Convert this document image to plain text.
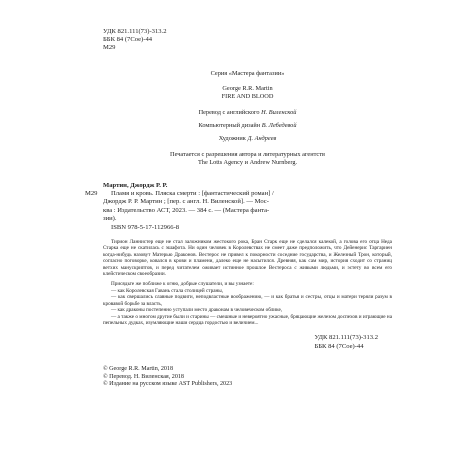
УДК 821.111(73)-313.2
ББК 84 (7Сое)-44
М29
Серия «Мастера фантазии»
George R.R. Martin
FIRE AND BLOOD
Перевод с английского Н. Виленской
Компьютерный дизайн В. Лебедевой
Художник Д. Андреев
Печатается с разрешения автора и литературных агентств
The Lotts Agency и Andrew Nurnberg.
М29

Мартин, Джордж Р. Р.

Пламя и кровь. Пляска смерти : [фантастический роман] /

Джордж Р. Р. Мартин ; [пер. с англ. Н. Виленской]. — Мос-

ква : Издательство АСТ, 2023. — 384 с. — (Мастера фанта-

зии).

ISBN 978-5-17-112966-8

Тирион Ланнистер еще не стал заложником жестокого рока, Бран Старк еще не сделался калекой, а голова его отца Неда Старка еще не скатилась с эшафота. Ни один человек в Королевствах не смеет даже предположить, что Дейенерис Таргариен когда-нибудь назовут Матерью Драконов. Вестерос не привел к покорности соседние государства, и Железный Трон, который, согласно поговорке, ковался в крови и пламени, далеко еще не насытился. Древняя, как сам мир, история сходит со страниц ветхих манускриптов, и перед читателем оживает истинное прошлое Вестероса с живыми людьми, и эстету во всем его клейстическом своеобразии.

Присядьте же поближе к огню, добрые слушатели, и вы узнаете:

— как Королевская Гавань стала столицей страны,

— как свершались славные подвиги, неподвластные воображению, — и как братья и сестры, отцы и матери теряли разум в кровавой борьбе за власть,

— как драконы постепенно уступали место драконам в человеческом облике,

— а также о многом другие были и старины — смешные и невероятно ужасные, бряцающие железом доспехов и играющие на пепельных дудках, изумляющие наши сердца гордостью и величием...

УДК 821.111(73)-313.2
ББК 84 (7Сое)-44
© George R.R. Martin, 2018
© Перевод. Н. Виленская, 2018
© Издание на русском языке AST Publishers, 2023
